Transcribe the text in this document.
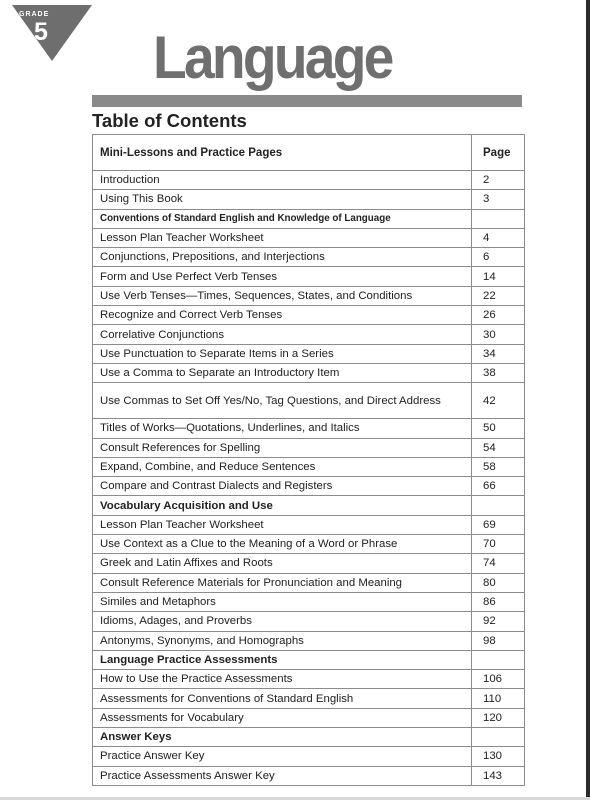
GRADE
5 Language
Table of Contents
Mini-Lessons and Practice Pages	Page
Introduction	2
Using This Book	3
Conventions of Standard English and Knowledge of Language	
Lesson Plan Teacher Worksheet	4
Conjunctions, Prepositions, and Interjections	6
Form and Use Perfect Verb Tenses	14
Use Verb Tenses—Times, Sequences, States, and Conditions	22
Recognize and Correct Verb Tenses	26
Correlative Conjunctions	30
Use Punctuation to Separate Items in a Series	34
Use a Comma to Separate an Introductory Item	38
Use Commas to Set Off Yes/No, Tag Questions, and Direct Address	42
Titles of Works—Quotations, Underlines, and Italics	50
Consult References for Spelling	54
Expand, Combine, and Reduce Sentences	58
Compare and Contrast Dialects and Registers	66
Vocabulary Acquisition and Use	
Lesson Plan Teacher Worksheet	69
Use Context as a Clue to the Meaning of a Word or Phrase	70
Greek and Latin Affixes and Roots	74
Consult Reference Materials for Pronunciation and Meaning	80
Similes and Metaphors	86
Idioms, Adages, and Proverbs	92
Antonyms, Synonyms, and Homographs	98
Language Practice Assessments	
How to Use the Practice Assessments	106
Assessments for Conventions of Standard English	110
Assessments for Vocabulary	120
Answer Keys	
Practice Answer Key	130
Practice Assessments Answer Key	143
